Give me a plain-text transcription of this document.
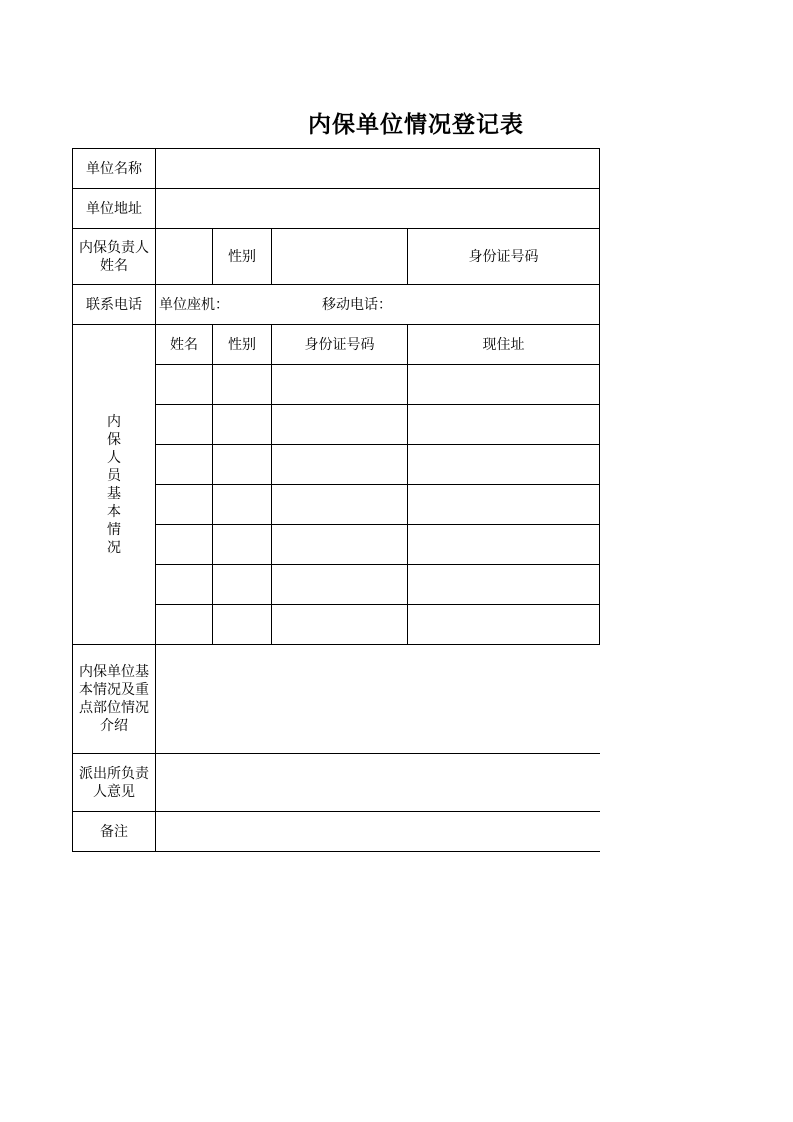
内保单位情况登记表
单位名称				
单位地址				
内保负责人姓名		性别		身份证号码
联系电话	单位座机： 移动电话：			

内保人员基本情况	姓名	性别	身份证号码	现住址

内保单位基本情况及重点部位情况介绍				
派出所负责人意见				
备注				
